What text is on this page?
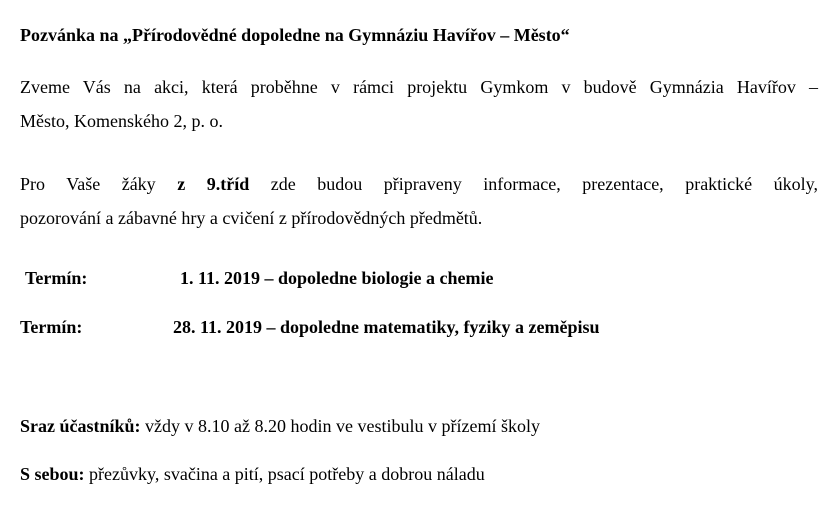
Pozvánka na „Přírodovědné dopoledne na Gymnáziu Havířov – Město“
Zveme Vás na akci, která proběhne v rámci projektu Gymkom v budově Gymnázia Havířov –
Město, Komenského 2, p. o.
Pro Vaše žáky z 9.tříd zde budou připraveny informace, prezentace, praktické úkoly,
pozorování a zábavné hry a cvičení z přírodovědných předmětů.
Termín:	1. 11. 2019 – dopoledne biologie a chemie
Termín:	28. 11. 2019 – dopoledne matematiky, fyziky a zeměpisu
Sraz účastníků: vždy v 8.10 až 8.20 hodin ve vestibulu v přízemí školy
S sebou: přezůvky, svačina a pití, psací potřeby a dobrou náladu
